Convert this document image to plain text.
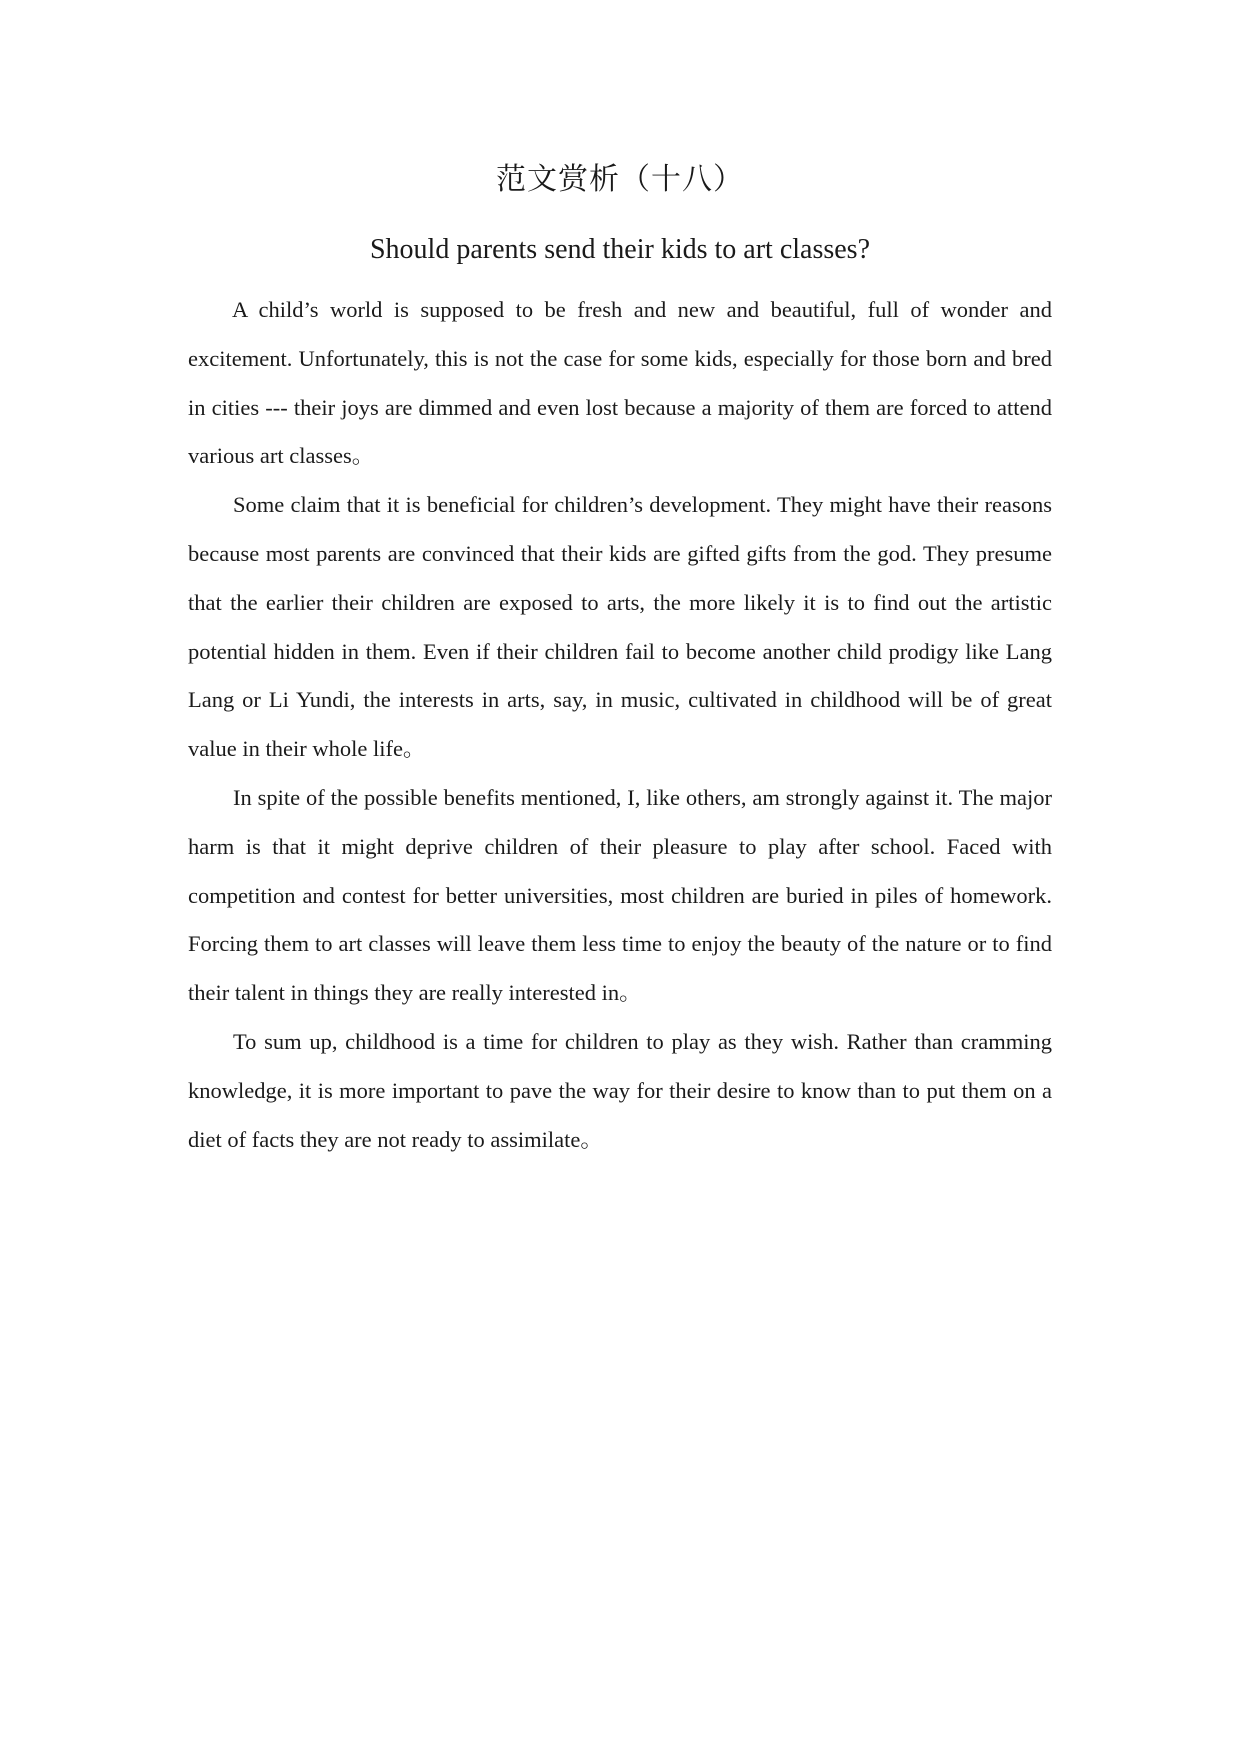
范文赏析（十八）
Should parents send their kids to art classes?

A child’s world is supposed to be fresh and new and beautiful, full of wonder and excitement. Unfortunately, this is not the case for some kids, especially for those born and bred in cities --- their joys are dimmed and even lost because a majority of them are forced to attend various art classes。

Some claim that it is beneficial for children’s development. They might have their reasons because most parents are convinced that their kids are gifted gifts from the god. They presume that the earlier their children are exposed to arts, the more likely it is to find out the artistic potential hidden in them. Even if their children fail to become another child prodigy like Lang Lang or Li Yundi, the interests in arts, say, in music, cultivated in childhood will be of great value in their whole life。

In spite of the possible benefits mentioned, I, like others, am strongly against it. The major harm is that it might deprive children of their pleasure to play after school. Faced with competition and contest for better universities, most children are buried in piles of homework. Forcing them to art classes will leave them less time to enjoy the beauty of the nature or to find their talent in things they are really interested in。

To sum up, childhood is a time for children to play as they wish. Rather than cramming knowledge, it is more important to pave the way for their desire to know than to put them on a diet of facts they are not ready to assimilate。
